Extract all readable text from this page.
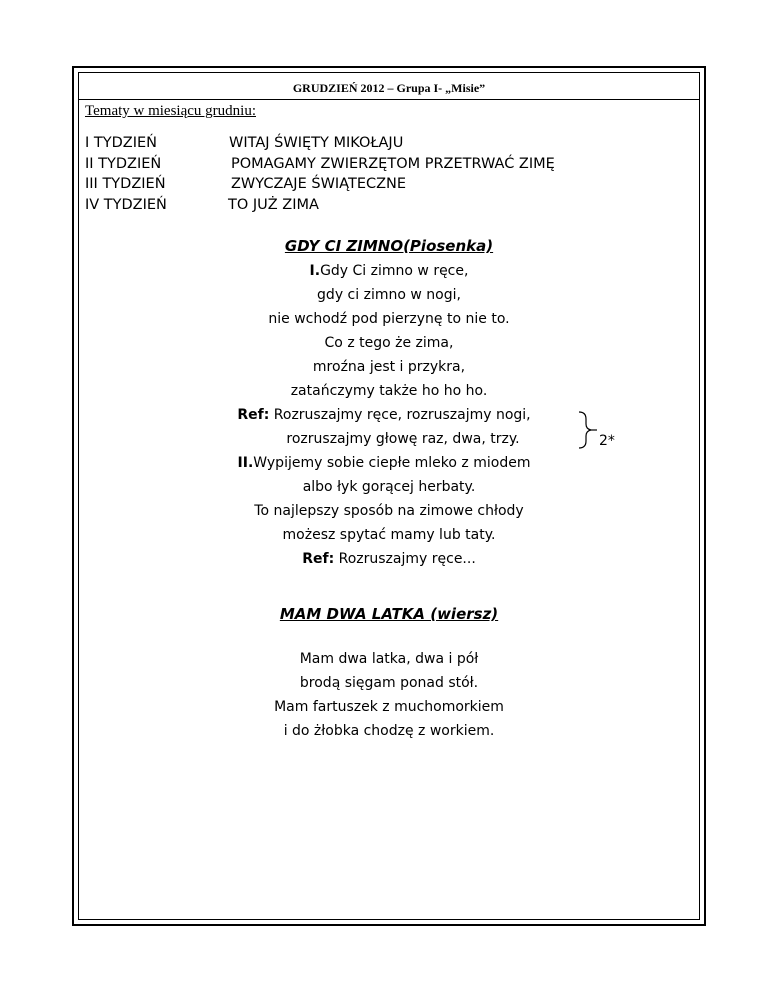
GRUDZIEŃ 2012 – Grupa I- „Misie”
Tematy w miesiącu grudniu:
I TYDZIEŃ	WITAJ ŚWIĘTY MIKOŁAJU
II TYDZIEŃ	POMAGAMY ZWIERZĘTOM PRZETRWAĆ ZIMĘ
III TYDZIEŃ	ZWYCZAJE ŚWIĄTECZNE
IV TYDZIEŃ	TO JUŻ ZIMA
GDY CI ZIMNO(Piosenka)
I.Gdy Ci zimno w ręce,
gdy ci zimno w nogi,
nie wchodź pod pierzynę to nie to.
Co z tego że zima,
mroźna jest i przykra,
zatańczymy także ho ho ho.
Ref: Rozruszajmy ręce, rozruszajmy nogi,
rozruszajmy głowę raz, dwa, trzy.	2*
II.Wypijemy sobie ciepłe mleko z miodem
albo łyk gorącej herbaty.
To najlepszy sposób na zimowe chłody
możesz spytać mamy lub taty.
Ref: Rozruszajmy ręce...
MAM DWA LATKA (wiersz)
Mam dwa latka, dwa i pół
brodą sięgam ponad stół.
Mam fartuszek z muchomorkiem
i do żłobka chodzę z workiem.
